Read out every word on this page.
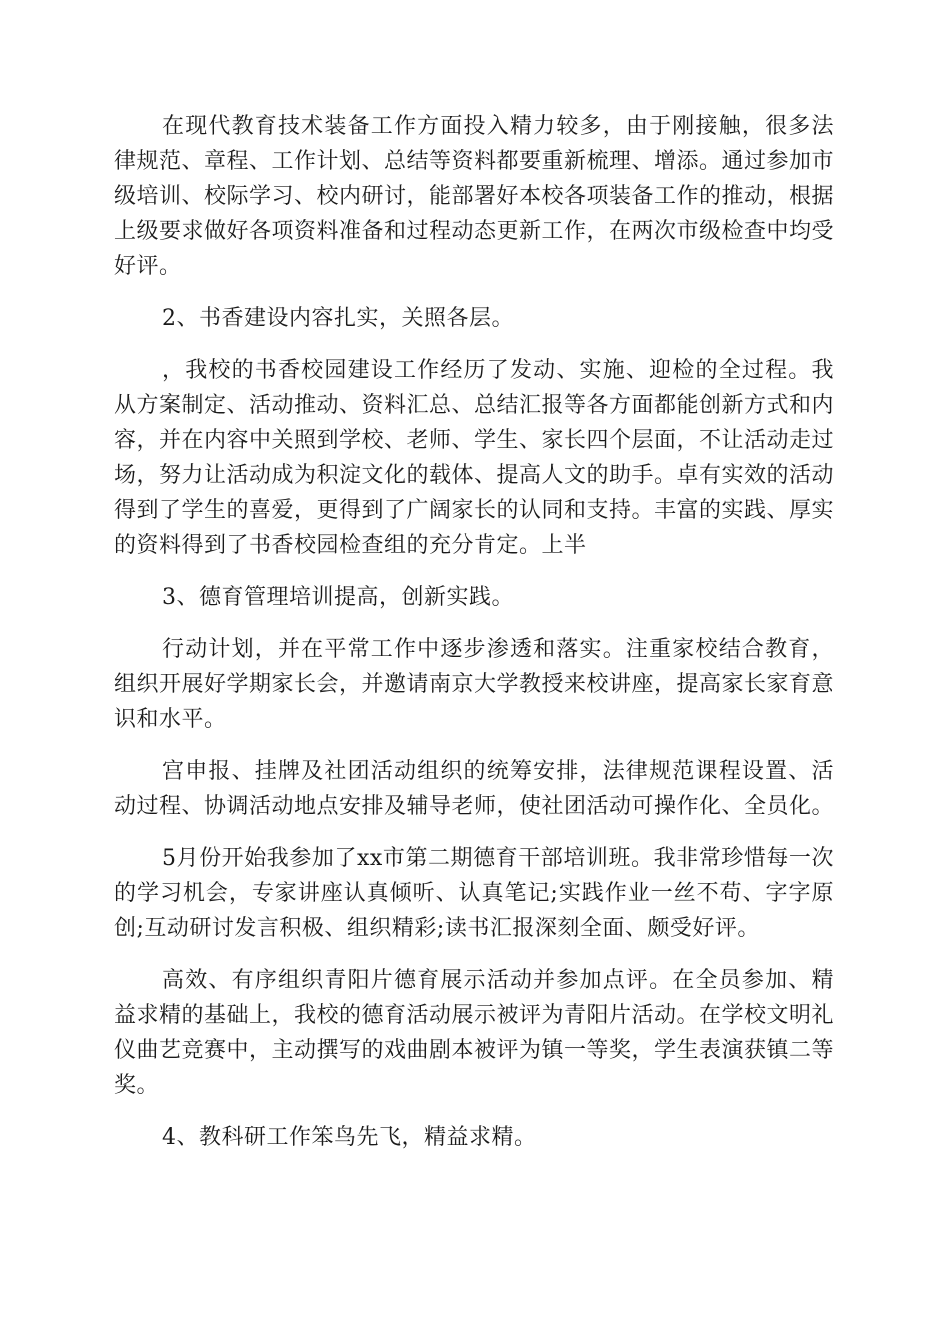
在现代教育技术装备工作方面投入精力较多，由于刚接触，很多法律规范、章程、工作计划、总结等资料都要重新梳理、增添。通过参加市级培训、校际学习、校内研讨，能部署好本校各项装备工作的推动，根据上级要求做好各项资料准备和过程动态更新工作，在两次市级检查中均受好评。

2、书香建设内容扎实，关照各层。

，我校的书香校园建设工作经历了发动、实施、迎检的全过程。我从方案制定、活动推动、资料汇总、总结汇报等各方面都能创新方式和内容，并在内容中关照到学校、老师、学生、家长四个层面，不让活动走过场，努力让活动成为积淀文化的载体、提高人文的助手。卓有实效的活动得到了学生的喜爱，更得到了广阔家长的认同和支持。丰富的实践、厚实的资料得到了书香校园检查组的充分肯定。上半

3、德育管理培训提高，创新实践。

行动计划，并在平常工作中逐步渗透和落实。注重家校结合教育，组织开展好学期家长会，并邀请南京大学教授来校讲座，提高家长家育意识和水平。

宫申报、挂牌及社团活动组织的统筹安排，法律规范课程设置、活动过程、协调活动地点安排及辅导老师，使社团活动可操作化、全员化。

5月份开始我参加了xx市第二期德育干部培训班。我非常珍惜每一次的学习机会，专家讲座认真倾听、认真笔记;实践作业一丝不苟、字字原创;互动研讨发言积极、组织精彩;读书汇报深刻全面、颇受好评。

高效、有序组织青阳片德育展示活动并参加点评。在全员参加、精益求精的基础上，我校的德育活动展示被评为青阳片活动。在学校文明礼仪曲艺竞赛中，主动撰写的戏曲剧本被评为镇一等奖，学生表演获镇二等奖。

4、教科研工作笨鸟先飞，精益求精。
